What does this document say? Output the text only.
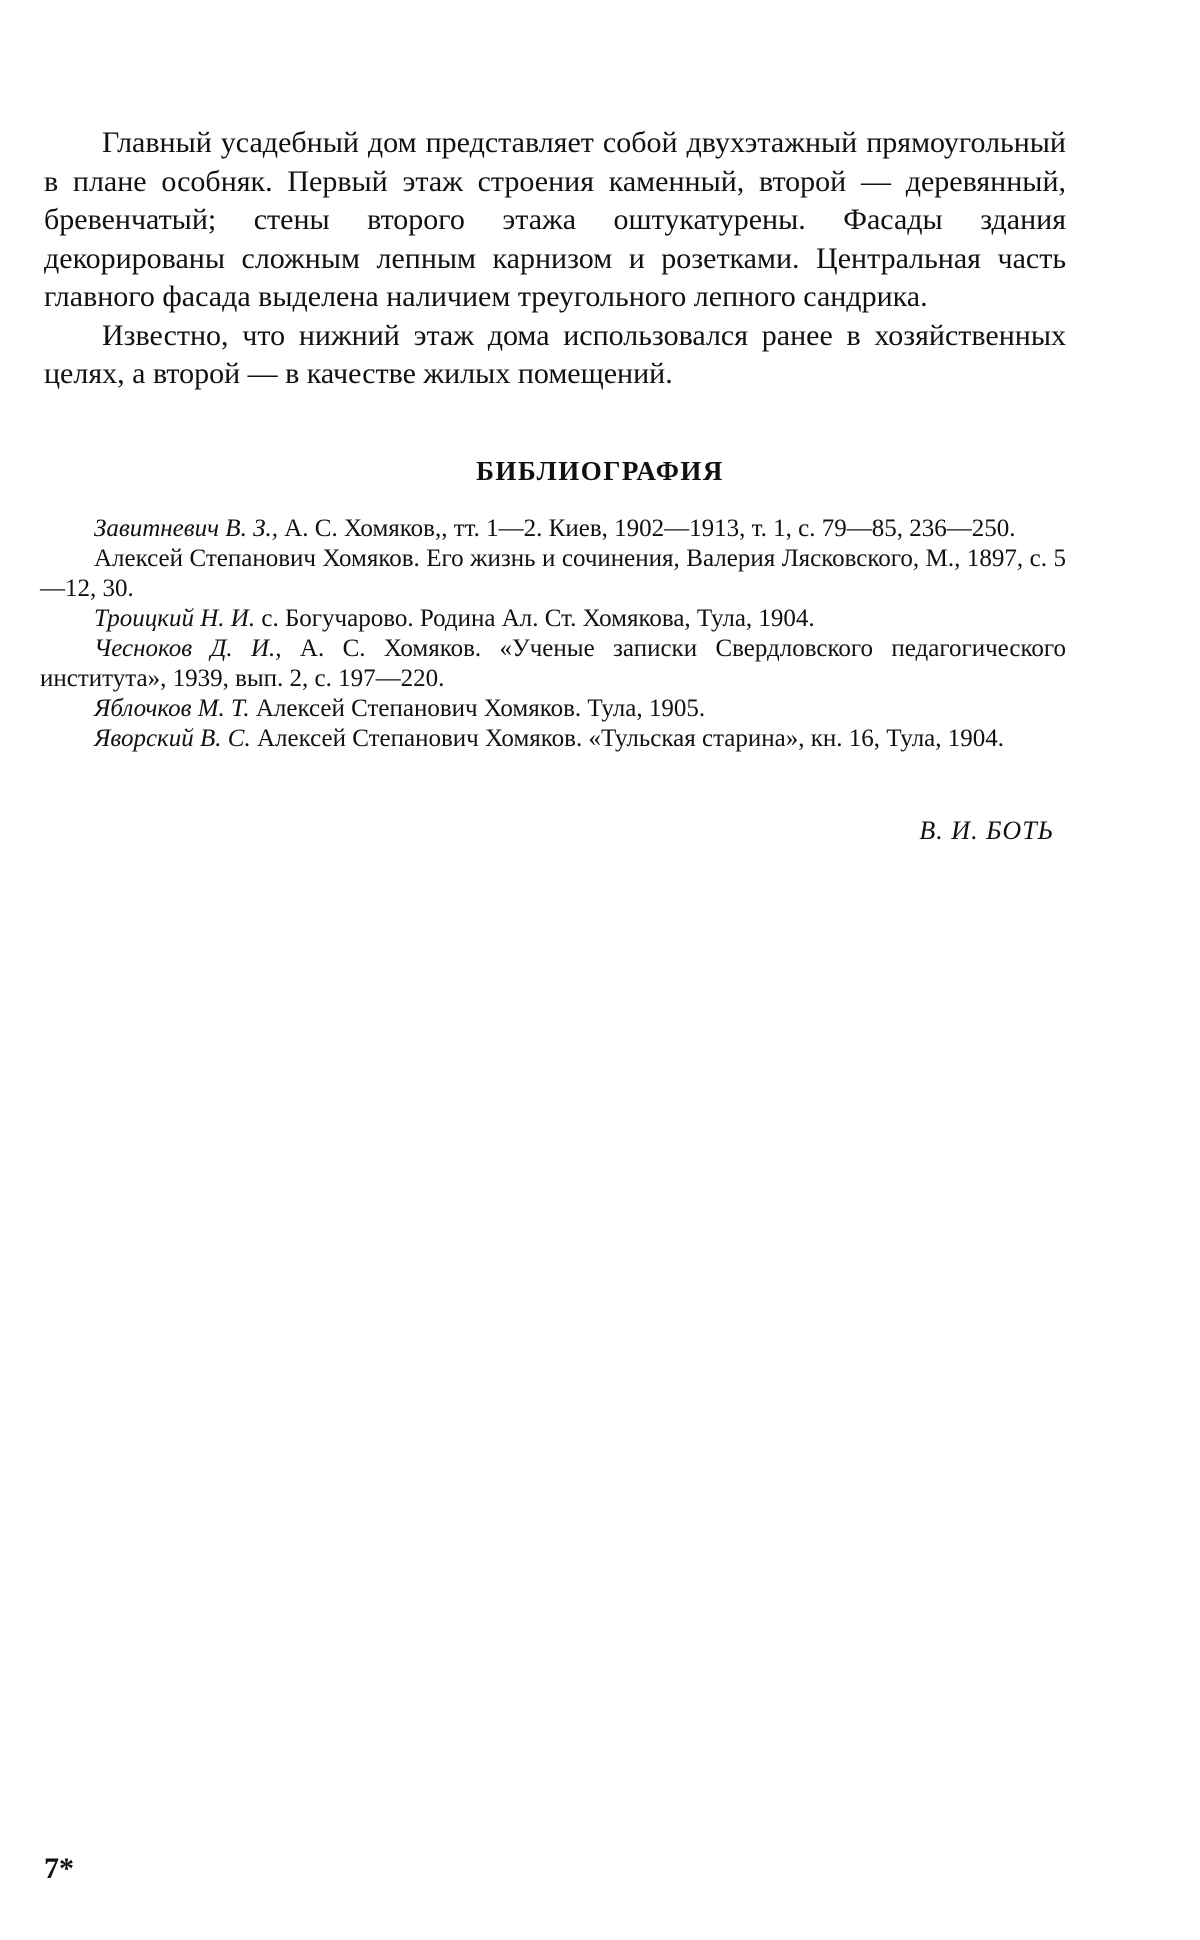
Главный усадебный дом представляет собой двухэтажный прямоугольный в плане особняк. Первый этаж строения каменный, второй — деревянный, бревенчатый; стены второго этажа оштукатурены. Фасады здания декорированы сложным лепным карнизом и розетками. Центральная часть главного фасада выделена наличием треугольного лепного сандрика.

Известно, что нижний этаж дома использовался ранее в хозяйственных целях, а второй — в качестве жилых помещений.

БИБЛИОГРАФИЯ
Завитневич В. З., А. С. Хомяков,, тт. 1—2. Киев, 1902—1913, т. 1, с. 79—85, 236—250.
Алексей Степанович Хомяков. Его жизнь и сочинения, Валерия Лясковского, М., 1897, с. 5—12, 30.
Троицкий Н. И. с. Богучарово. Родина Ал. Ст. Хомякова, Тула, 1904.
Чесноков Д. И., А. С. Хомяков. «Ученые записки Свердловского педагогического института», 1939, вып. 2, с. 197—220.
Яблочков М. Т. Алексей Степанович Хомяков. Тула, 1905.
Яворский В. С. Алексей Степанович Хомяков. «Тульская старина», кн. 16, Тула, 1904.

В. И. БОТЬ

7*
